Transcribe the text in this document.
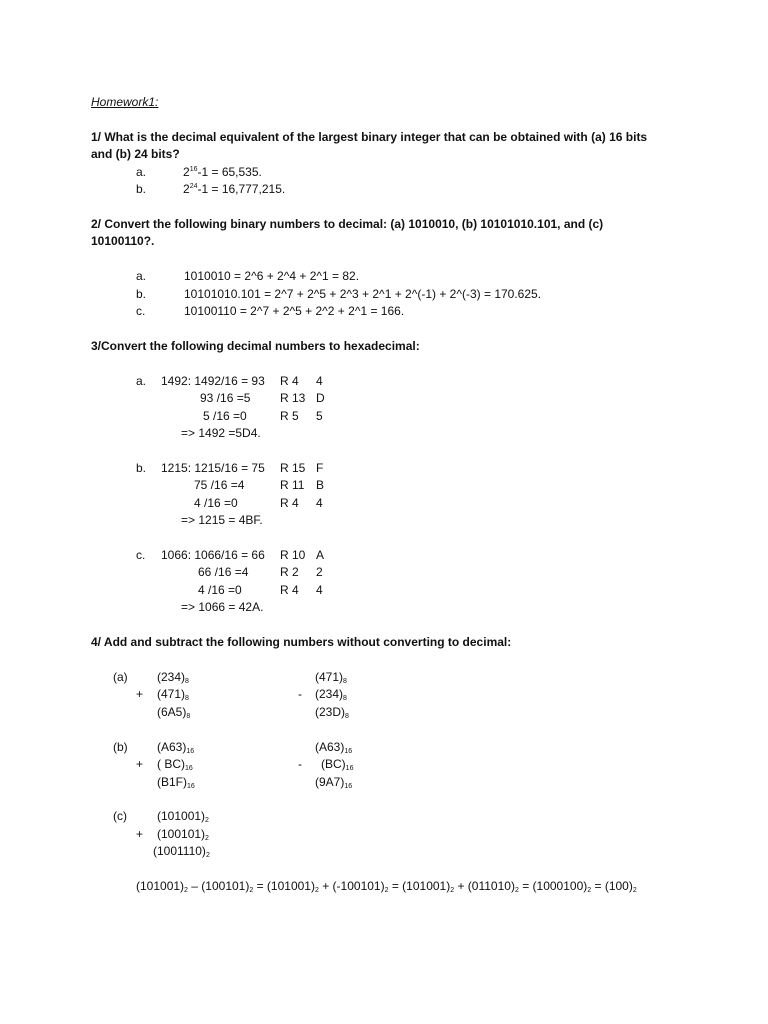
Homework1:
1/ What is the decimal equivalent of the largest binary integer that can be obtained with (a) 16 bits
and (b) 24 bits?
a.	$2^{16}-1 = 65,535$.
b.	$2^{24}-1 = 16,777,215$.
2/ Convert the following binary numbers to decimal: (a) 1010010, (b) 10101010.101, and (c)
10100110?.
a.	1010010 = 2^6 + 2^4 + 2^1 = 82.
b.	10101010.101 = 2^7 + 2^5 + 2^3 + 2^1 + 2^(-1) + 2^(-3) = 170.625.
c.	10100110 = 2^7 + 2^5 + 2^2 + 2^1 = 166.
3/Convert the following decimal numbers to hexadecimal:
a. 1492: 1492/16 = 93 R 4 4
93 /16 =5 R 13 D
5 /16 =0	R 5 5
=> 1492 =5D4.
b. 1215: 1215/16 = 75 R 15 F
75 /16 =4	R 11 B
4 /16 =0	R 4 4
=> 1215 = 4BF.
c. 1066: 1066/16 = 66 R 10 A
66 /16 =4	R 2 2
4 /16 =0	R 4 4
=> 1066 = 42A.
4/ Add and subtract the following numbers without converting to decimal:
(a) $(234)_8$
+ $(471)_8$
$(6A5)_8$
$(471)_8$
- $(234)_8$
$(23D)_8$
(b) $(A63)_{16}$
+ ( $BC)_{16}$
$(B1F)_{16}$
$(A63)_{16}$
- $(BC)_{16}$
$(9A7)_{16}$
(c)	$(101001)_2$
+ $(100101)_2$
$(1001110)_2$
$(101001)_2 - (100101)_2 = (101001)_2 + (-100101)_2 = (101001)_2 + (011010)_2 = (1000100)_2 = (100)_2$
